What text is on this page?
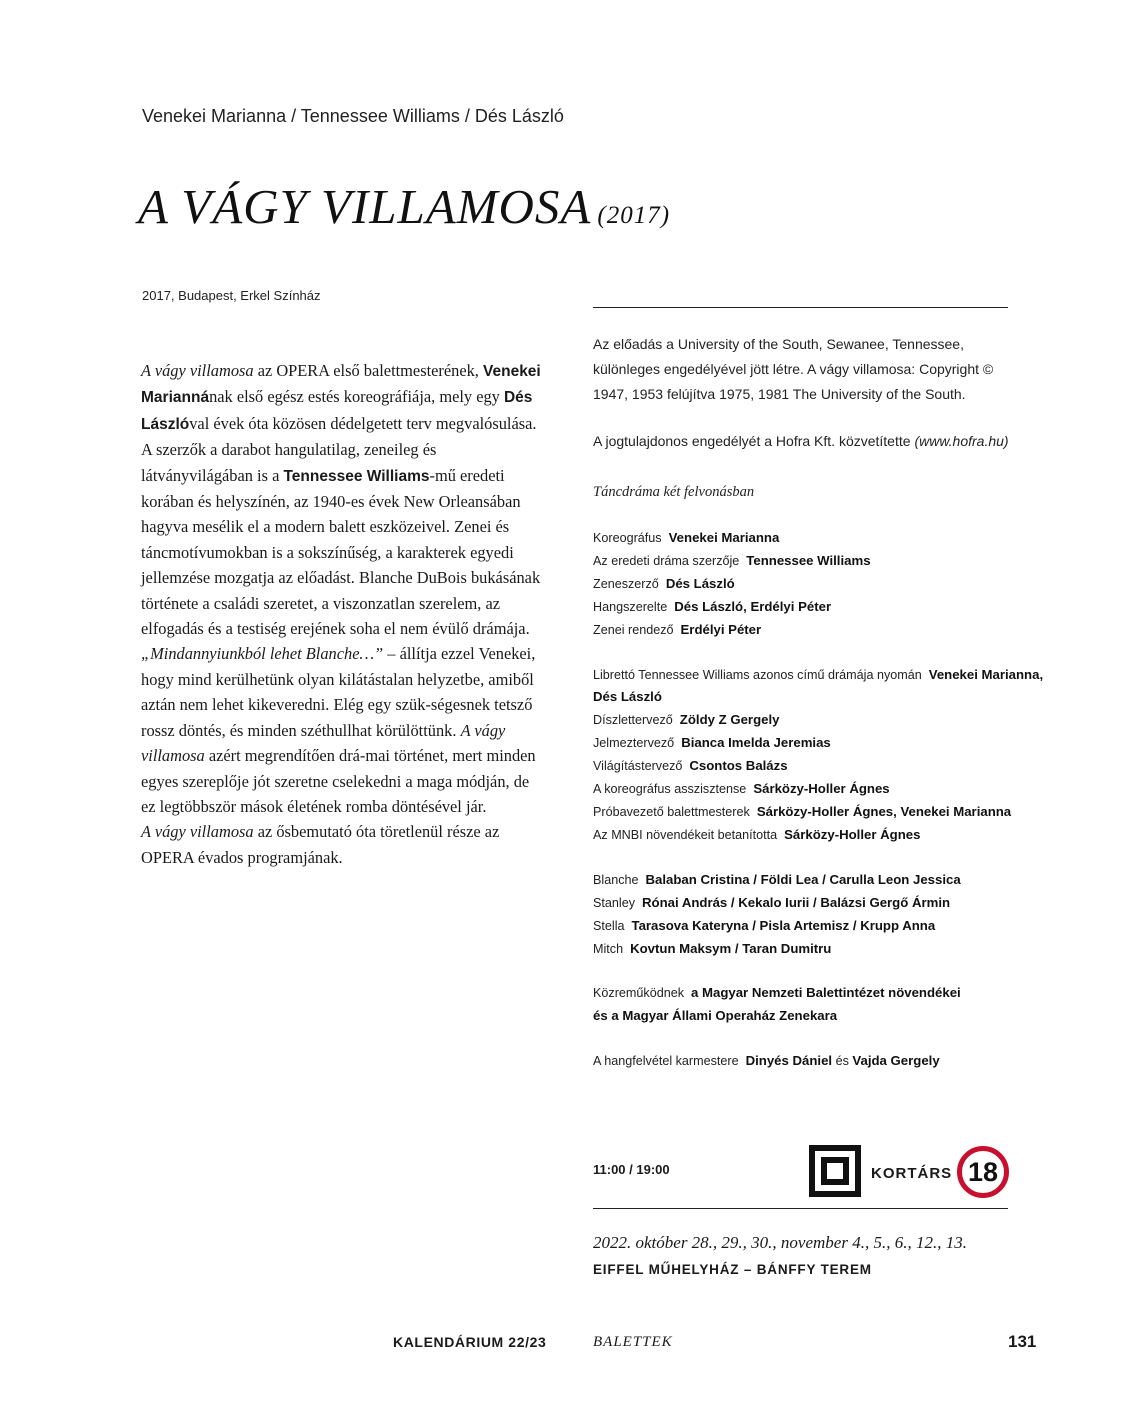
Venekei Marianna / Tennessee Williams / Dés László
A VÁGY VILLAMOSA (2017)
2017, Budapest, Erkel Színház

A vágy villamosa az OPERA első balettmesterének, Venekei Mariannának első egész estés koreográfiája, mely egy Dés Lászlóval évek óta közösen dédelgetett terv megvalósulása. A szerzők a darabot hangulatilag, zeneileg és látványvilágában is a Tennessee Williams-mű eredeti korában és helyszínén, az 1940-es évek New Orleansában hagyva mesélik el a modern balett eszközeivel. Zenei és táncmotívumokban is a sokszínűség, a karakterek egyedi jellemzése mozgatja az előadást. Blanche DuBois bukásának története a családi szeretet, a viszonzatlan szerelem, az elfogadás és a testiség erejének soha el nem évülő drámája.

„Mindannyiunkból lehet Blanche…” – állítja ezzel Venekei, hogy mind kerülhetünk olyan kilátástalan helyzetbe, amiből aztán nem lehet kikeveredni. Elég egy szük-ségesnek tetsző rossz döntés, és minden széthullhat körülöttünk. A vágy villamosa azért megrendítően drá-mai történet, mert minden egyes szereplője jót szeretne cselekedni a maga módján, de ez legtöbbször mások életének romba döntésével jár.

A vágy villamosa az ősbemutató óta töretlenül része az OPERA évados programjának.

Az előadás a University of the South, Sewanee, Tennessee, különleges engedélyével jött létre. A vágy villamosa: Copyright © 1947, 1953 felújítva 1975, 1981 The University of the South.
A jogtulajdonos engedélyét a Hofra Kft. közvetítette (www.hofra.hu)
Táncdráma két felvonásban
Koreográfus Venekei Marianna
Az eredeti dráma szerzője Tennessee Williams
Zeneszerző Dés László
Hangszerelte Dés László, Erdélyi Péter
Zenei rendező Erdélyi Péter
Librettó Tennessee Williams azonos című drámája nyomán Venekei Marianna,
Dés László
Díszlettervező Zöldy Z Gergely
Jelmeztervező Bianca Imelda Jeremias
Világítástervező Csontos Balázs
A koreográfus asszisztense Sárközy-Holler Ágnes
Próbavezető balettmesterek Sárközy-Holler Ágnes, Venekei Marianna
Az MNBI növendékeit betanította Sárközy-Holler Ágnes
Blanche Balaban Cristina / Földi Lea / Carulla Leon Jessica
Stanley Rónai András / Kekalo Iurii / Balázsi Gergő Ármin
Stella Tarasova Kateryna / Pisla Artemisz / Krupp Anna
Mitch Kovtun Maksym / Taran Dumitru
Közreműködnek a Magyar Nemzeti Balettintézet növendékei
és a Magyar Állami Operaház Zenekara
A hangfelvétel karmestere Dinyés Dániel és Vajda Gergely
11:00 / 19:00	KORTÁRS 18
2022. október 28., 29., 30., november 4., 5., 6., 12., 13.
EIFFEL MŰHELYHÁZ – BÁNFFY TEREM
KALENDÁRIUM 22/23	BALETTEK	131
